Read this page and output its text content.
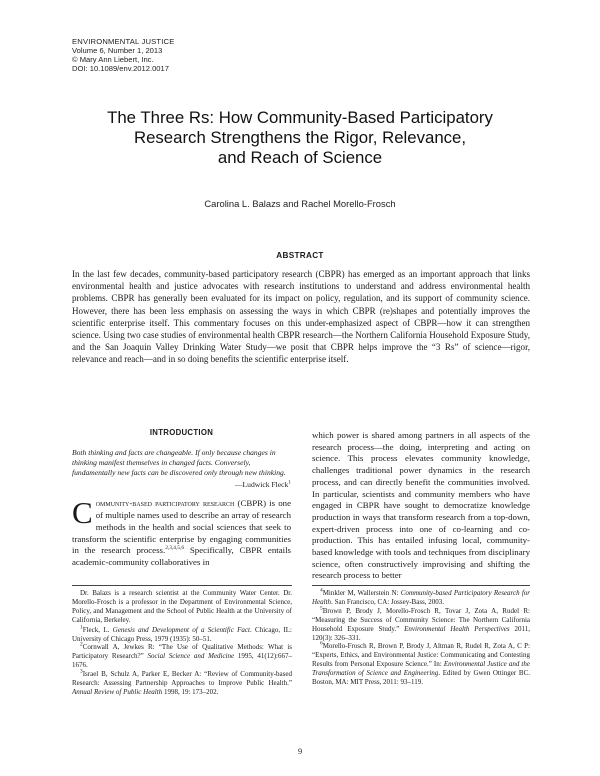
ENVIRONMENTAL JUSTICE
Volume 6, Number 1, 2013
© Mary Ann Liebert, Inc.
DOI: 10.1089/env.2012.0017
The Three Rs: How Community-Based Participatory
Research Strengthens the Rigor, Relevance,
and Reach of Science
Carolina L. Balazs and Rachel Morello-Frosch
ABSTRACT
In the last few decades, community-based participatory research (CBPR) has emerged as an important approach that links environmental health and justice advocates with research institutions to understand and address environmental health problems. CBPR has generally been evaluated for its impact on policy, regulation, and its support of community science. However, there has been less emphasis on assessing the ways in which CBPR (re)shapes and potentially improves the scientific enterprise itself. This commentary focuses on this under-emphasized aspect of CBPR—how it can strengthen science. Using two case studies of environmental health CBPR research—the Northern California Household Exposure Study, and the San Joaquin Valley Drinking Water Study—we posit that CBPR helps improve the “3 Rs” of science—rigor, relevance and reach—and in so doing benefits the scientific enterprise itself.
INTRODUCTION

Both thinking and facts are changeable. If only because changes in thinking manifest themselves in changed facts. Conversely, fundamentally new facts can be discovered only through new thinking.

—Ludwick Fleck$^1$
C ommunity-based participatory research (CBPR) is one of multiple names used to describe an array of research methods in the health and social sciences that seek to transform the scientific enterprise by engaging communities in the research process.$^{2,3,4,5,6}$ Specifically, CBPR entails academic-community collaboratives in

which power is shared among partners in all aspects of the research process—the doing, interpreting and acting on science. This process elevates community knowledge, challenges traditional power dynamics in the research process, and can directly benefit the communities involved. In particular, scientists and community members who have engaged in CBPR have sought to democratize knowledge production in ways that transform research from a top-down, expert-driven process into one of co-learning and co-production. This has entailed infusing local, community-based knowledge with tools and techniques from disciplinary science, often constructively improvising and shifting the research process to better

Dr. Balazs is a research scientist at the Community Water Center. Dr. Morello-Frosch is a professor in the Department of Environmental Science, Policy, and Management and the School of Public Health at the University of California, Berkeley.

$^1$Fleck, L. Genesis and Development of a Scientific Fact. Chicago, IL: University of Chicago Press, 1979 (1935): 50–51.

$^2$Cornwall A, Jewkes R: “The Use of Qualitative Methods: What is Participatory Research?” Social Science and Medicine 1995, 41(12):667–1676.

$^3$Israel B, Schulz A, Parker E, Becker A: “Review of Community-based Research: Assessing Partnership Approaches to Improve Public Health.” Annual Review of Public Health 1998, 19: 173–202.

$^4$Minkler M, Wallerstein N: Community-based Participatory Research for Health. San Francisco, CA: Jossey-Bass, 2003.

$^5$Brown P, Brody J, Morello-Frosch R, Tovar J, Zota A, Rudel R: “Measuring the Success of Community Science: The Northern California Household Exposure Study.” Environmental Health Perspectives 2011, 120(3): 326–331.

$^6$Morello-Frosch R, Brown P, Brody J, Altman R, Rudel R, Zota A, C P: “Experts, Ethics, and Environmental Justice: Communicating and Contesting Results from Personal Exposure Science.” In: Environmental Justice and the Transformation of Science and Engineering. Edited by Gwen Ottinger BC. Boston, MA: MIT Press, 2011: 93–119.

9
